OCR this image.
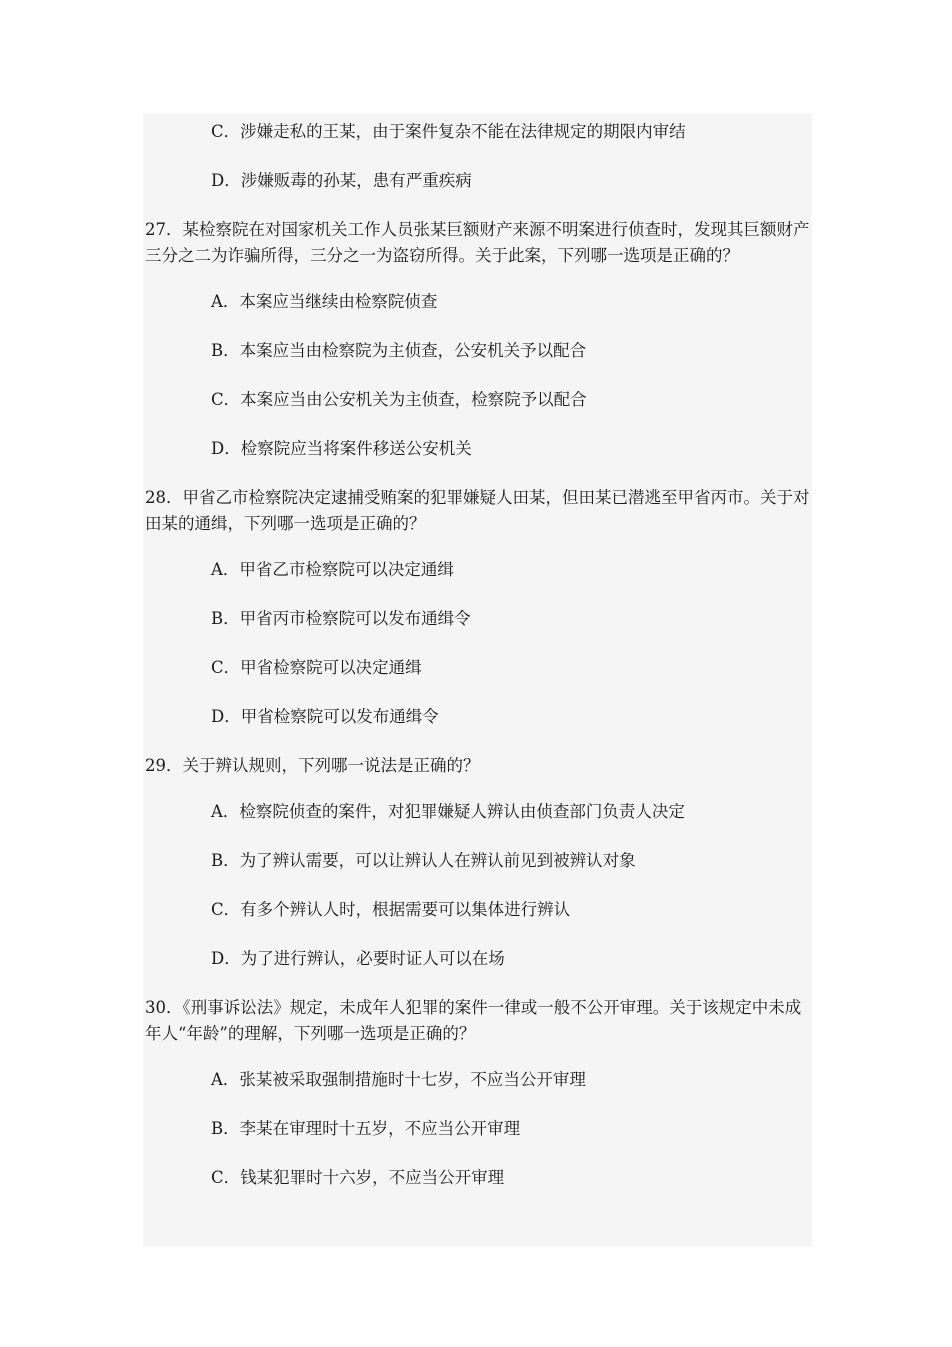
C．涉嫌走私的王某，由于案件复杂不能在法律规定的期限内审结
D．涉嫌贩毒的孙某，患有严重疾病

27．某检察院在对国家机关工作人员张某巨额财产来源不明案进行侦查时，发现其巨额财产三分之二为诈骗所得，三分之一为盗窃所得。关于此案，下列哪一选项是正确的？

A．本案应当继续由检察院侦查
B．本案应当由检察院为主侦查，公安机关予以配合
C．本案应当由公安机关为主侦查，检察院予以配合
D．检察院应当将案件移送公安机关

28．甲省乙市检察院决定逮捕受贿案的犯罪嫌疑人田某，但田某已潜逃至甲省丙市。关于对田某的通缉，下列哪一选项是正确的？

A．甲省乙市检察院可以决定通缉
B．甲省丙市检察院可以发布通缉令
C．甲省检察院可以决定通缉
D．甲省检察院可以发布通缉令

29．关于辨认规则，下列哪一说法是正确的？

A．检察院侦查的案件，对犯罪嫌疑人辨认由侦查部门负责人决定
B．为了辨认需要，可以让辨认人在辨认前见到被辨认对象
C．有多个辨认人时，根据需要可以集体进行辨认
D．为了进行辨认，必要时证人可以在场

30．《刑事诉讼法》规定，未成年人犯罪的案件一律或一般不公开审理。关于该规定中未成年人“年龄”的理解，下列哪一选项是正确的？

A．张某被采取强制措施时十七岁，不应当公开审理
B．李某在审理时十五岁，不应当公开审理
C．钱某犯罪时十六岁，不应当公开审理
